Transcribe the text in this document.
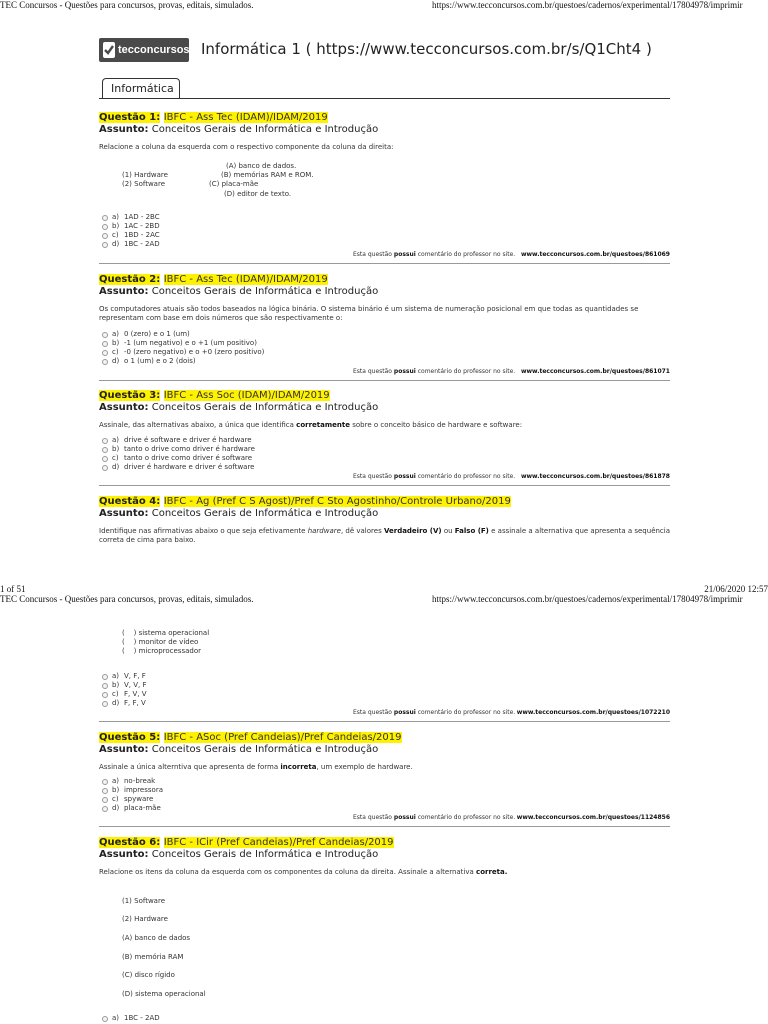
TEC Concursos - Questões para concursos, provas, editais, simulados.	https://www.tecconcursos.com.br/questoes/cadernos/experimental/17804978/imprimir
tecconcursos Informática 1 ( https://www.tecconcursos.com.br/s/Q1Cht4 )
Informática
Questão 1: IBFC - Ass Tec (IDAM)/IDAM/2019
Assunto: Conceitos Gerais de Informática e Introdução
Relacione a coluna da esquerda com o respectivo componente da coluna da direita:
(A) banco de dados.
(1) Hardware	(B) memórias RAM e ROM.
(2) Software	(C) placa-mãe
(D) editor de texto.
a) 1AD - 2BC
b) 1AC - 2BD
c) 1BD - 2AC
d) 1BC - 2AD
Esta questão possui comentário do professor no site. www.tecconcursos.com.br/questoes/861069
Questão 2: IBFC - Ass Tec (IDAM)/IDAM/2019
Assunto: Conceitos Gerais de Informática e Introdução
Os computadores atuais são todos baseados na lógica binária. O sistema binário é um sistema de numeração posicional em que todas as quantidades se representam com base em dois números que são respectivamente o:
a) 0 (zero) e o 1 (um)
b) -1 (um negativo) e o +1 (um positivo)
c) -0 (zero negativo) e o +0 (zero positivo)
d) o 1 (um) e o 2 (dois)
Esta questão possui comentário do professor no site. www.tecconcursos.com.br/questoes/861071
Questão 3: IBFC - Ass Soc (IDAM)/IDAM/2019
Assunto: Conceitos Gerais de Informática e Introdução
Assinale, das alternativas abaixo, a única que identifica corretamente sobre o conceito básico de hardware e software:
a) drive é software e driver é hardware
b) tanto o drive como driver é hardware
c) tanto o drive como driver é software
d) driver é hardware e driver é software
Esta questão possui comentário do professor no site. www.tecconcursos.com.br/questoes/861878
Questão 4: IBFC - Ag (Pref C S Agost)/Pref C Sto Agostinho/Controle Urbano/2019
Assunto: Conceitos Gerais de Informática e Introdução
Identifique nas afirmativas abaixo o que seja efetivamente hardware, dê valores Verdadeiro (V) ou Falso (F) e assinale a alternativa que apresenta a sequência correta de cima para baixo.
1 of 51	21/06/2020 12:57
TEC Concursos - Questões para concursos, provas, editais, simulados.	https://www.tecconcursos.com.br/questoes/cadernos/experimental/17804978/imprimir
(    ) sistema operacional
(    ) monitor de vídeo
(    ) microprocessador
a) V, F, F
b) V, V, F
c) F, V, V
d) F, F, V
Esta questão possui comentário do professor no site. www.tecconcursos.com.br/questoes/1072210
Questão 5: IBFC - ASoc (Pref Candeias)/Pref Candeias/2019
Assunto: Conceitos Gerais de Informática e Introdução
Assinale a única alterntiva que apresenta de forma incorreta, um exemplo de hardware.
a) no-break
b) impressora
c) spyware
d) placa-mãe
Esta questão possui comentário do professor no site. www.tecconcursos.com.br/questoes/1124856
Questão 6: IBFC - ICir (Pref Candeias)/Pref Candeias/2019
Assunto: Conceitos Gerais de Informática e Introdução
Relacione os itens da coluna da esquerda com os componentes da coluna da direita. Assinale a alternativa correta.
(1) Software
(2) Hardware
(A) banco de dados
(B) memória RAM
(C) disco rígido
(D) sistema operacional
a) 1BC - 2AD
